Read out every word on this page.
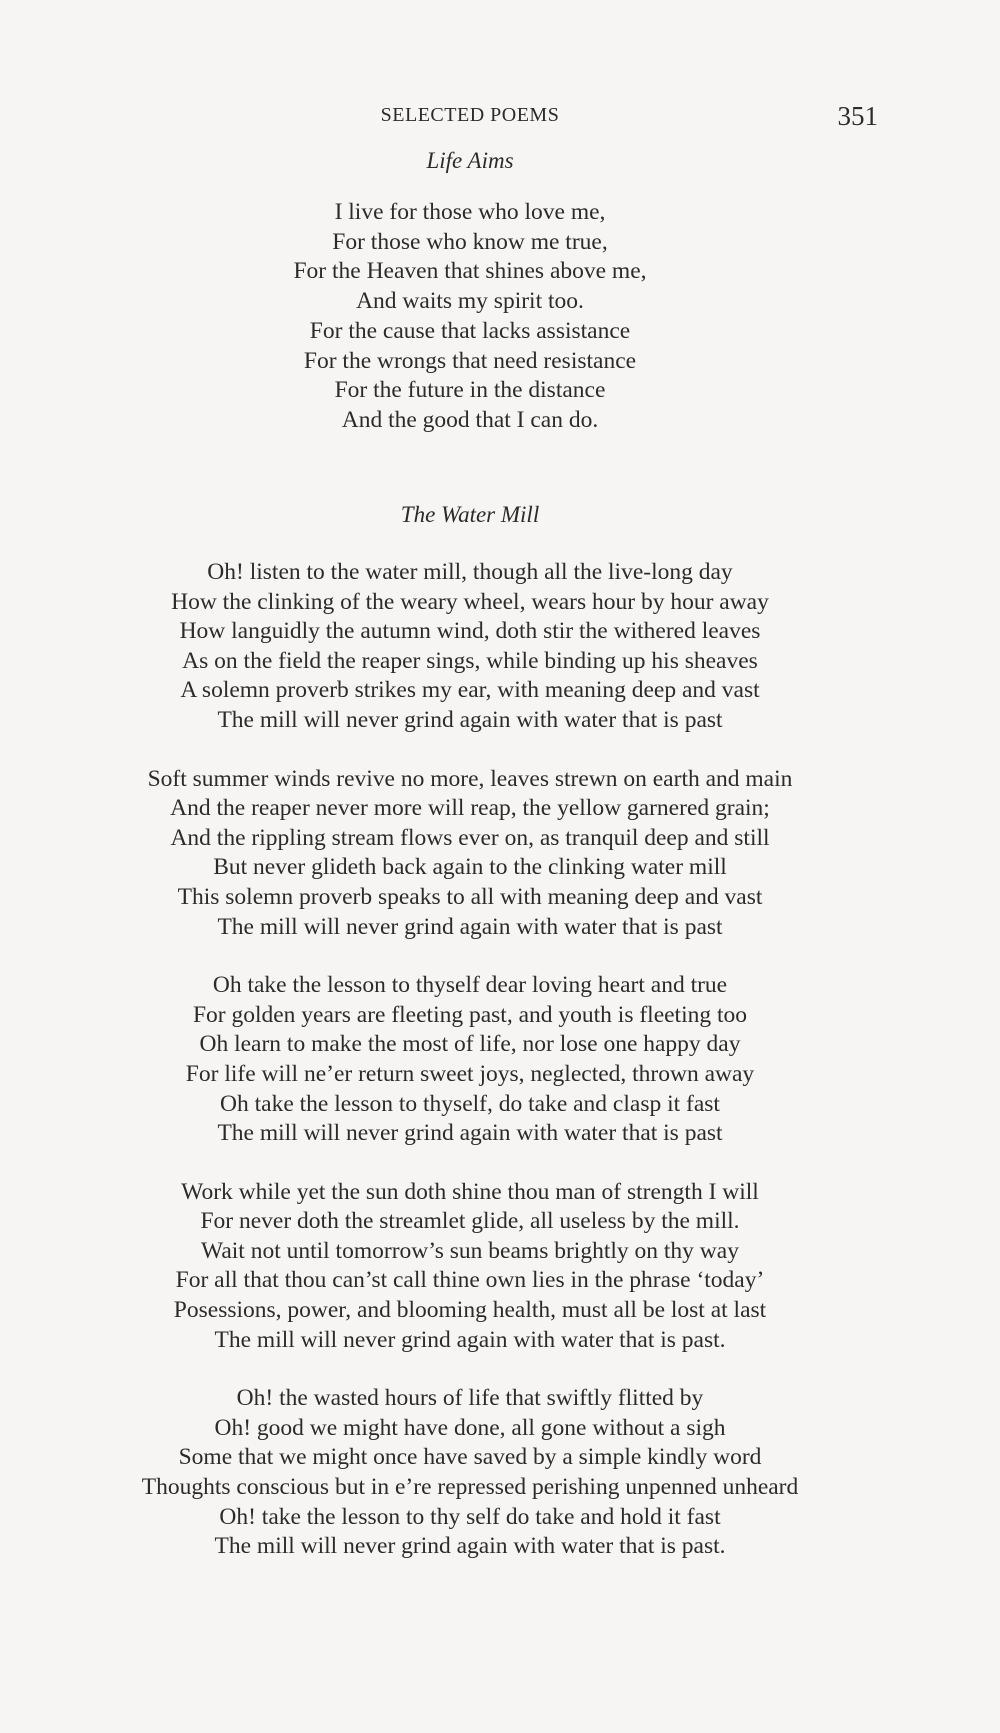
SELECTED POEMS	351
Life Aims
I live for those who love me,
For those who know me true,
For the Heaven that shines above me,
And waits my spirit too.
For the cause that lacks assistance
For the wrongs that need resistance
For the future in the distance
And the good that I can do.
The Water Mill
Oh! listen to the water mill, though all the live-long day
How the clinking of the weary wheel, wears hour by hour away
How languidly the autumn wind, doth stir the withered leaves
As on the field the reaper sings, while binding up his sheaves
A solemn proverb strikes my ear, with meaning deep and vast
The mill will never grind again with water that is past
Soft summer winds revive no more, leaves strewn on earth and main
And the reaper never more will reap, the yellow garnered grain;
And the rippling stream flows ever on, as tranquil deep and still
But never glideth back again to the clinking water mill
This solemn proverb speaks to all with meaning deep and vast
The mill will never grind again with water that is past
Oh take the lesson to thyself dear loving heart and true
For golden years are fleeting past, and youth is fleeting too
Oh learn to make the most of life, nor lose one happy day
For life will ne’er return sweet joys, neglected, thrown away
Oh take the lesson to thyself, do take and clasp it fast
The mill will never grind again with water that is past
Work while yet the sun doth shine thou man of strength I will
For never doth the streamlet glide, all useless by the mill.
Wait not until tomorrow’s sun beams brightly on thy way
For all that thou can’st call thine own lies in the phrase ‘today’
Posessions, power, and blooming health, must all be lost at last
The mill will never grind again with water that is past.
Oh! the wasted hours of life that swiftly flitted by
Oh! good we might have done, all gone without a sigh
Some that we might once have saved by a simple kindly word
Thoughts conscious but in e’re repressed perishing unpenned unheard
Oh! take the lesson to thy self do take and hold it fast
The mill will never grind again with water that is past.
